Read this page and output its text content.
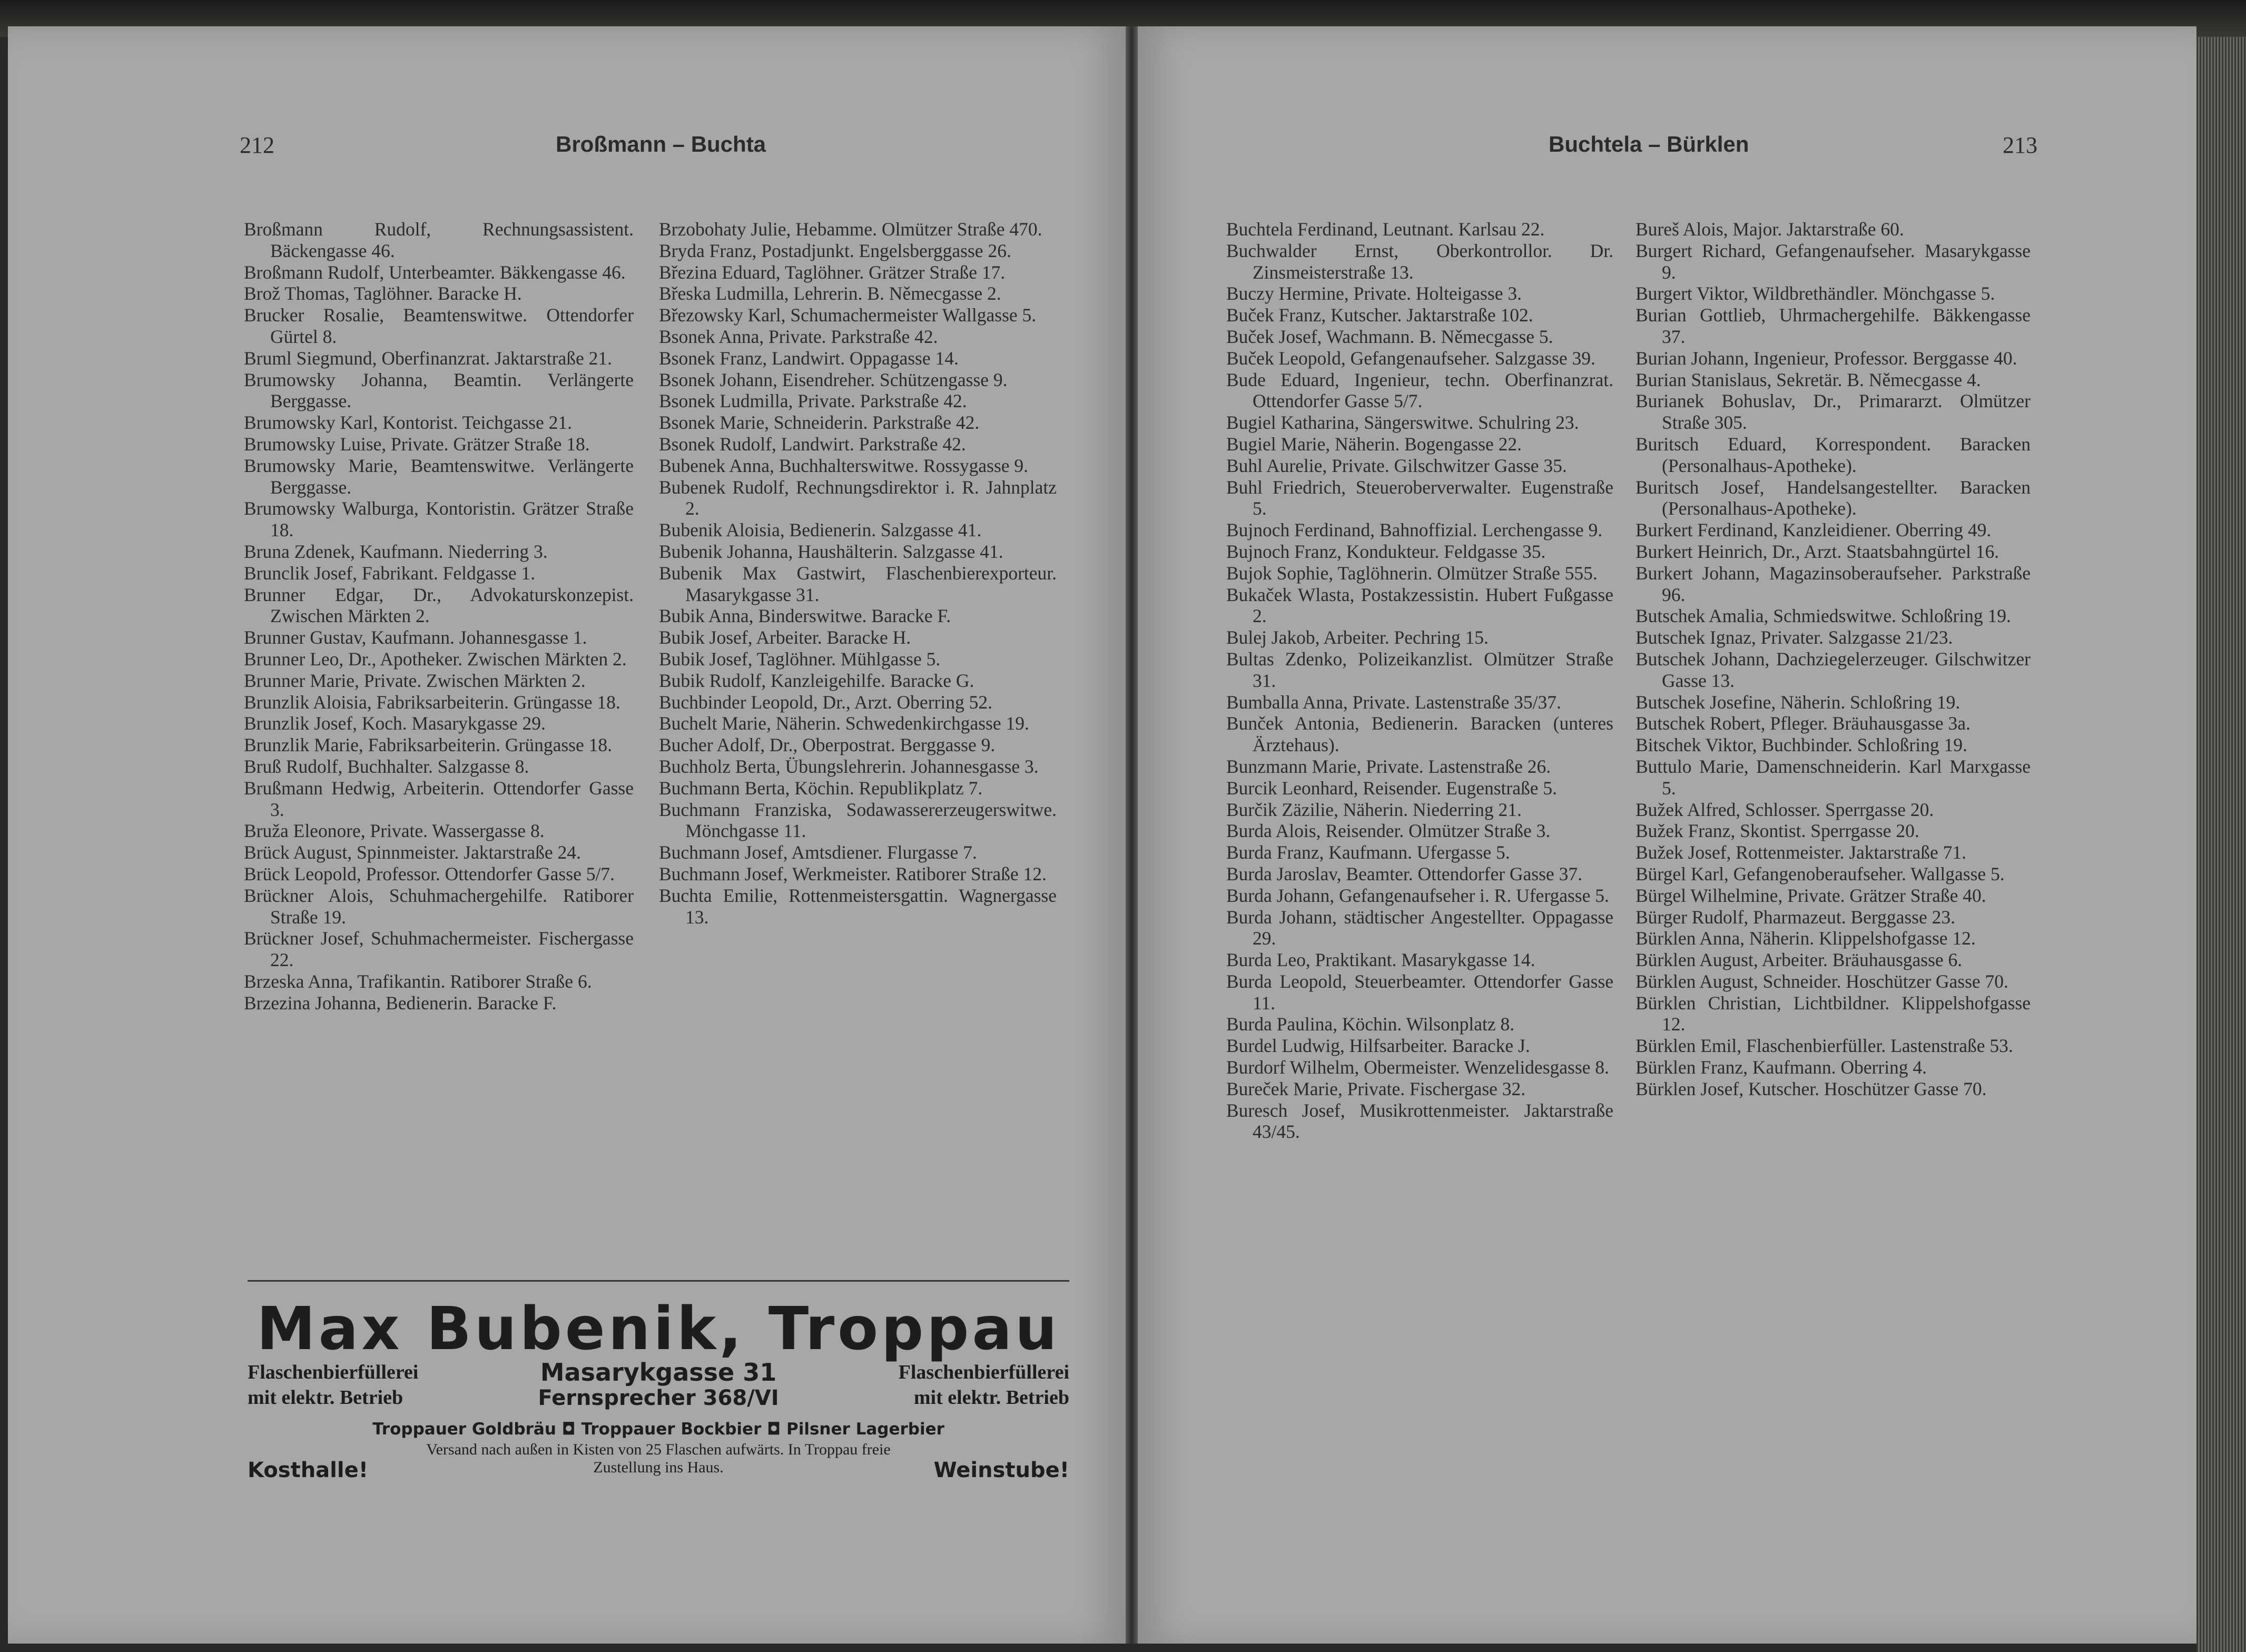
212	Broßmann – Buchta
Broßmann Rudolf, Rechnungsassistent. Bäckengasse 46.
Broßmann Rudolf, Unterbeamter. Bäkkengasse 46.
Brož Thomas, Taglöhner. Baracke H.
Brucker Rosalie, Beamtenswitwe. Ottendorfer Gürtel 8.
Bruml Siegmund, Oberfinanzrat. Jaktarstraße 21.
Brumowsky Johanna, Beamtin. Verlängerte Berggasse.
Brumowsky Karl, Kontorist. Teichgasse 21.
Brumowsky Luise, Private. Grätzer Straße 18.
Brumowsky Marie, Beamtenswitwe. Verlängerte Berggasse.
Brumowsky Walburga, Kontoristin. Grätzer Straße 18.
Bruna Zdenek, Kaufmann. Niederring 3.
Brunclik Josef, Fabrikant. Feldgasse 1.
Brunner Edgar, Dr., Advokaturskonzepist. Zwischen Märkten 2.
Brunner Gustav, Kaufmann. Johannesgasse 1.
Brunner Leo, Dr., Apotheker. Zwischen Märkten 2.
Brunner Marie, Private. Zwischen Märkten 2.
Brunzlik Aloisia, Fabriksarbeiterin. Grüngasse 18.
Brunzlik Josef, Koch. Masarykgasse 29.
Brunzlik Marie, Fabriksarbeiterin. Grüngasse 18.
Bruß Rudolf, Buchhalter. Salzgasse 8.
Brußmann Hedwig, Arbeiterin. Ottendorfer Gasse 3.
Bruža Eleonore, Private. Wassergasse 8.
Brück August, Spinnmeister. Jaktarstraße 24.
Brück Leopold, Professor. Ottendorfer Gasse 5/7.
Brückner Alois, Schuhmachergehilfe. Ratiborer Straße 19.
Brückner Josef, Schuhmachermeister. Fischergasse 22.
Brzeska Anna, Trafikantin. Ratiborer Straße 6.
Brzezina Johanna, Bedienerin. Baracke F.
Brzobohaty Julie, Hebamme. Olmützer Straße 470.
Bryda Franz, Postadjunkt. Engelsberggasse 26.
Březina Eduard, Taglöhner. Grätzer Straße 17.
Břeska Ludmilla, Lehrerin. B. Němecgasse 2.
Březowsky Karl, Schumachermeister Wallgasse 5.
Bsonek Anna, Private. Parkstraße 42.
Bsonek Franz, Landwirt. Oppagasse 14.
Bsonek Johann, Eisendreher. Schützengasse 9.
Bsonek Ludmilla, Private. Parkstraße 42.
Bsonek Marie, Schneiderin. Parkstraße 42.
Bsonek Rudolf, Landwirt. Parkstraße 42.
Bubenek Anna, Buchhalterswitwe. Rossygasse 9.
Bubenek Rudolf, Rechnungsdirektor i. R. Jahnplatz 2.
Bubenik Aloisia, Bedienerin. Salzgasse 41.
Bubenik Johanna, Haushälterin. Salzgasse 41.
Bubenik Max Gastwirt, Flaschenbierexporteur. Masarykgasse 31.
Bubik Anna, Binderswitwe. Baracke F.
Bubik Josef, Arbeiter. Baracke H.
Bubik Josef, Taglöhner. Mühlgasse 5.
Bubik Rudolf, Kanzleigehilfe. Baracke G.
Buchbinder Leopold, Dr., Arzt. Oberring 52.
Buchelt Marie, Näherin. Schwedenkirchgasse 19.
Bucher Adolf, Dr., Oberpostrat. Berggasse 9.
Buchholz Berta, Übungslehrerin. Johannesgasse 3.
Buchmann Berta, Köchin. Republikplatz 7.
Buchmann Franziska, Sodawassererzeugerswitwe. Mönchgasse 11.
Buchmann Josef, Amtsdiener. Flurgasse 7.
Buchmann Josef, Werkmeister. Ratiborer Straße 12.
Buchta Emilie, Rottenmeistersgattin. Wagnergasse 13.
Max Bubenik, Troppau
Flaschenbierfüllerei
mit elektr. Betrieb
Masarykgasse 31
Fernsprecher 368/VI
Flaschenbierfüllerei
mit elektr. Betrieb
Troppauer Goldbräu ◘ Troppauer Bockbier ◘ Pilsner Lagerbier
Versand nach außen in Kisten von 25 Flaschen aufwärts. In Troppau freie
Zustellung ins Haus.
Kosthalle!	Weinstube!
Buchtela – Bürklen	213
Buchtela Ferdinand, Leutnant. Karlsau 22.
Buchwalder Ernst, Oberkontrollor. Dr. Zinsmeisterstraße 13.
Buczy Hermine, Private. Holteigasse 3.
Buček Franz, Kutscher. Jaktarstraße 102.
Buček Josef, Wachmann. B. Němecgasse 5.
Buček Leopold, Gefangenaufseher. Salzgasse 39.
Bude Eduard, Ingenieur, techn. Oberfinanzrat. Ottendorfer Gasse 5/7.
Bugiel Katharina, Sängerswitwe. Schulring 23.
Bugiel Marie, Näherin. Bogengasse 22.
Buhl Aurelie, Private. Gilschwitzer Gasse 35.
Buhl Friedrich, Steueroberverwalter. Eugenstraße 5.
Bujnoch Ferdinand, Bahnoffizial. Lerchengasse 9.
Bujnoch Franz, Kondukteur. Feldgasse 35.
Bujok Sophie, Taglöhnerin. Olmützer Straße 555.
Bukaček Wlasta, Postakzessistin. Hubert Fußgasse 2.
Bulej Jakob, Arbeiter. Pechring 15.
Bultas Zdenko, Polizeikanzlist. Olmützer Straße 31.
Bumballa Anna, Private. Lastenstraße 35/37.
Bunček Antonia, Bedienerin. Baracken (unteres Ärztehaus).
Bunzmann Marie, Private. Lastenstraße 26.
Burcik Leonhard, Reisender. Eugenstraße 5.
Burčik Zäzilie, Näherin. Niederring 21.
Burda Alois, Reisender. Olmützer Straße 3.
Burda Franz, Kaufmann. Ufergasse 5.
Burda Jaroslav, Beamter. Ottendorfer Gasse 37.
Burda Johann, Gefangenaufseher i. R. Ufergasse 5.
Burda Johann, städtischer Angestellter. Oppagasse 29.
Burda Leo, Praktikant. Masarykgasse 14.
Burda Leopold, Steuerbeamter. Ottendorfer Gasse 11.
Burda Paulina, Köchin. Wilsonplatz 8.
Burdel Ludwig, Hilfsarbeiter. Baracke J.
Burdorf Wilhelm, Obermeister. Wenzelidesgasse 8.
Bureček Marie, Private. Fischergase 32.
Buresch Josef, Musikrottenmeister. Jaktarstraße 43/45.
Bureš Alois, Major. Jaktarstraße 60.
Burgert Richard, Gefangenaufseher. Masarykgasse 9.
Burgert Viktor, Wildbrethändler. Mönchgasse 5.
Burian Gottlieb, Uhrmachergehilfe. Bäkkengasse 37.
Burian Johann, Ingenieur, Professor. Berggasse 40.
Burian Stanislaus, Sekretär. B. Němecgasse 4.
Burianek Bohuslav, Dr., Primararzt. Olmützer Straße 305.
Buritsch Eduard, Korrespondent. Baracken (Personalhaus-Apotheke).
Buritsch Josef, Handelsangestellter. Baracken (Personalhaus-Apotheke).
Burkert Ferdinand, Kanzleidiener. Oberring 49.
Burkert Heinrich, Dr., Arzt. Staatsbahngürtel 16.
Burkert Johann, Magazinsoberaufseher. Parkstraße 96.
Butschek Amalia, Schmiedswitwe. Schloßring 19.
Butschek Ignaz, Privater. Salzgasse 21/23.
Butschek Johann, Dachziegelerzeuger. Gilschwitzer Gasse 13.
Butschek Josefine, Näherin. Schloßring 19.
Butschek Robert, Pfleger. Bräuhausgasse 3a.
Bitschek Viktor, Buchbinder. Schloßring 19.
Buttulo Marie, Damenschneiderin. Karl Marxgasse 5.
Bužek Alfred, Schlosser. Sperrgasse 20.
Bužek Franz, Skontist. Sperrgasse 20.
Bužek Josef, Rottenmeister. Jaktarstraße 71.
Bürgel Karl, Gefangenoberaufseher. Wallgasse 5.
Bürgel Wilhelmine, Private. Grätzer Straße 40.
Bürger Rudolf, Pharmazeut. Berggasse 23.
Bürklen Anna, Näherin. Klippelshofgasse 12.
Bürklen August, Arbeiter. Bräuhausgasse 6.
Bürklen August, Schneider. Hoschützer Gasse 70.
Bürklen Christian, Lichtbildner. Klippelshofgasse 12.
Bürklen Emil, Flaschenbierfüller. Lastenstraße 53.
Bürklen Franz, Kaufmann. Oberring 4.
Bürklen Josef, Kutscher. Hoschützer Gasse 70.
